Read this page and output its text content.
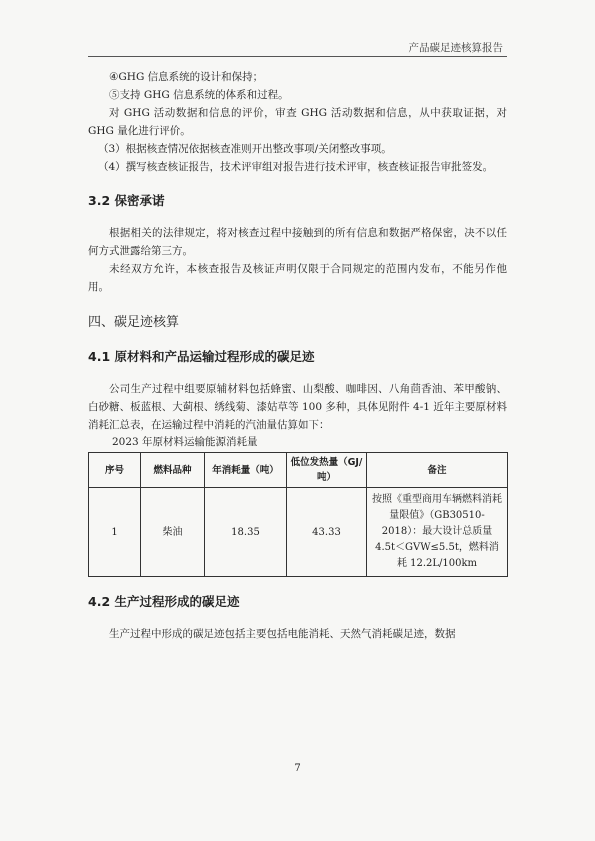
产品碳足迹核算报告

④GHG 信息系统的设计和保持；

⑤支持 GHG 信息系统的体系和过程。

对 GHG 活动数据和信息的评价，审查 GHG 活动数据和信息，从中获取证据，对 GHG 量化进行评价。

（3）根据核查情况依据核查准则开出整改事项/关闭整改事项。

（4）撰写核查核证报告，技术评审组对报告进行技术评审，核查核证报告审批签发。

3.2 保密承诺

根据相关的法律规定，将对核查过程中接触到的所有信息和数据严格保密，决不以任何方式泄露给第三方。

未经双方允许，本核查报告及核证声明仅限于合同规定的范围内发布，不能另作他用。

四、碳足迹核算
4.1 原材料和产品运输过程形成的碳足迹

公司生产过程中组要原辅材料包括蜂蜜、山梨酸、咖啡因、八角茴香油、苯甲酸钠、白砂糖、板蓝根、大蓟根、绣线菊、漆姑草等 100 多种，具体见附件 4-1 近年主要原材料消耗汇总表，在运输过程中消耗的汽油量估算如下：

2023 年原材料运输能源消耗量

序号	燃料品种	年消耗量（吨）	低位发热量（GJ/吨）	备注
1	柴油	18.35	43.33	按照《重型商用车辆燃料消耗量限值》（GB30510-2018）：最大设计总质量 4.5t＜GVW≤5.5t，燃料消耗 12.2L/100km
4.2 生产过程形成的碳足迹

生产过程中形成的碳足迹包括主要包括电能消耗、天然气消耗碳足迹，数据

7
